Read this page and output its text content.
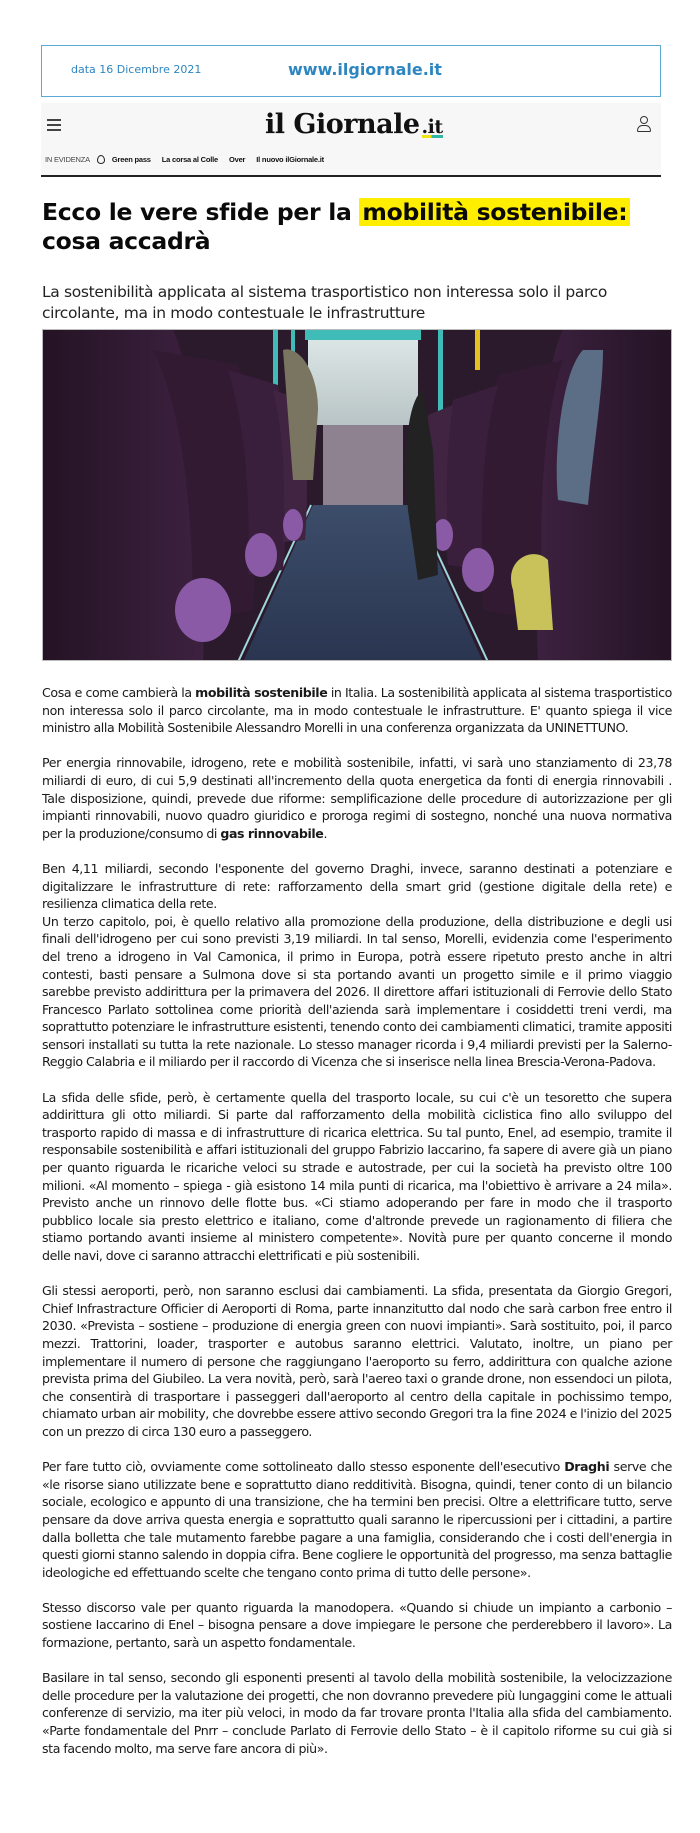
data 16 Dicembre 2021	www.ilgiornale.it
il Giornale .it
IN EVIDENZA	Green pass La corsa al Colle Over Il nuovo ilGiornale.it
Ecco le vere sfide per la mobilità sostenibile:
cosa accadrà

La sostenibilità applicata al sistema trasportistico non interessa solo il parco circolante, ma in modo contestuale le infrastrutture

Cosa e come cambierà la mobilità sostenibile in Italia. La sostenibilità applicata al sistema trasportistico non interessa solo il parco circolante, ma in modo contestuale le infrastrutture. E' quanto spiega il vice ministro alla Mobilità Sostenibile Alessandro Morelli in una conferenza organizzata da UNINETTUNO.

Per energia rinnovabile, idrogeno, rete e mobilità sostenibile, infatti, vi sarà uno stanziamento di 23,78 miliardi di euro, di cui 5,9 destinati all'incremento della quota energetica da fonti di energia rinnovabili . Tale disposizione, quindi, prevede due riforme: semplificazione delle procedure di autorizzazione per gli impianti rinnovabili, nuovo quadro giuridico e proroga regimi di sostegno, nonché una nuova normativa per la produzione/consumo di gas rinnovabile.

Ben 4,11 miliardi, secondo l'esponente del governo Draghi, invece, saranno destinati a potenziare e digitalizzare le infrastrutture di rete: rafforzamento della smart grid (gestione digitale della rete) e resilienza climatica della rete.

Un terzo capitolo, poi, è quello relativo alla promozione della produzione, della distribuzione e degli usi finali dell'idrogeno per cui sono previsti 3,19 miliardi. In tal senso, Morelli, evidenzia come l'esperimento del treno a idrogeno in Val Camonica, il primo in Europa, potrà essere ripetuto presto anche in altri contesti, basti pensare a Sulmona dove si sta portando avanti un progetto simile e il primo viaggio sarebbe previsto addirittura per la primavera del 2026. Il direttore affari istituzionali di Ferrovie dello Stato Francesco Parlato sottolinea come priorità dell'azienda sarà implementare i cosiddetti treni verdi, ma soprattutto potenziare le infrastrutture esistenti, tenendo conto dei cambiamenti climatici, tramite appositi sensori installati su tutta la rete nazionale. Lo stesso manager ricorda i 9,4 miliardi previsti per la Salerno-Reggio Calabria e il miliardo per il raccordo di Vicenza che si inserisce nella linea Brescia-Verona-Padova.

La sfida delle sfide, però, è certamente quella del trasporto locale, su cui c'è un tesoretto che supera addirittura gli otto miliardi. Si parte dal rafforzamento della mobilità ciclistica fino allo sviluppo del trasporto rapido di massa e di infrastrutture di ricarica elettrica. Su tal punto, Enel, ad esempio, tramite il responsabile sostenibilità e affari istituzionali del gruppo Fabrizio Iaccarino, fa sapere di avere già un piano per quanto riguarda le ricariche veloci su strade e autostrade, per cui la società ha previsto oltre 100 milioni. «Al momento – spiega - già esistono 14 mila punti di ricarica, ma l'obiettivo è arrivare a 24 mila». Previsto anche un rinnovo delle flotte bus. «Ci stiamo adoperando per fare in modo che il trasporto pubblico locale sia presto elettrico e italiano, come d'altronde prevede un ragionamento di filiera che stiamo portando avanti insieme al ministero competente». Novità pure per quanto concerne il mondo delle navi, dove ci saranno attracchi elettrificati e più sostenibili.

Gli stessi aeroporti, però, non saranno esclusi dai cambiamenti. La sfida, presentata da Giorgio Gregori, Chief Infrastracture Officier di Aeroporti di Roma, parte innanzitutto dal nodo che sarà carbon free entro il 2030. «Prevista – sostiene – produzione di energia green con nuovi impianti». Sarà sostituito, poi, il parco mezzi. Trattorini, loader, trasporter e autobus saranno elettrici. Valutato, inoltre, un piano per implementare il numero di persone che raggiungano l'aeroporto su ferro, addirittura con qualche azione prevista prima del Giubileo. La vera novità, però, sarà l'aereo taxi o grande drone, non essendoci un pilota, che consentirà di trasportare i passeggeri dall'aeroporto al centro della capitale in pochissimo tempo, chiamato urban air mobility, che dovrebbe essere attivo secondo Gregori tra la fine 2024 e l'inizio del 2025 con un prezzo di circa 130 euro a passeggero.

Per fare tutto ciò, ovviamente come sottolineato dallo stesso esponente dell'esecutivo Draghi serve che «le risorse siano utilizzate bene e soprattutto diano redditività. Bisogna, quindi, tener conto di un bilancio sociale, ecologico e appunto di una transizione, che ha termini ben precisi. Oltre a elettrificare tutto, serve pensare da dove arriva questa energia e soprattutto quali saranno le ripercussioni per i cittadini, a partire dalla bolletta che tale mutamento farebbe pagare a una famiglia, considerando che i costi dell'energia in questi giorni stanno salendo in doppia cifra. Bene cogliere le opportunità del progresso, ma senza battaglie ideologiche ed effettuando scelte che tengano conto prima di tutto delle persone».

Stesso discorso vale per quanto riguarda la manodopera. «Quando si chiude un impianto a carbonio – sostiene Iaccarino di Enel – bisogna pensare a dove impiegare le persone che perderebbero il lavoro». La formazione, pertanto, sarà un aspetto fondamentale.

Basilare in tal senso, secondo gli esponenti presenti al tavolo della mobilità sostenibile, la velocizzazione delle procedure per la valutazione dei progetti, che non dovranno prevedere più lungaggini come le attuali conferenze di servizio, ma iter più veloci, in modo da far trovare pronta l'Italia alla sfida del cambiamento. «Parte fondamentale del Pnrr – conclude Parlato di Ferrovie dello Stato – è il capitolo riforme su cui già si sta facendo molto, ma serve fare ancora di più».
